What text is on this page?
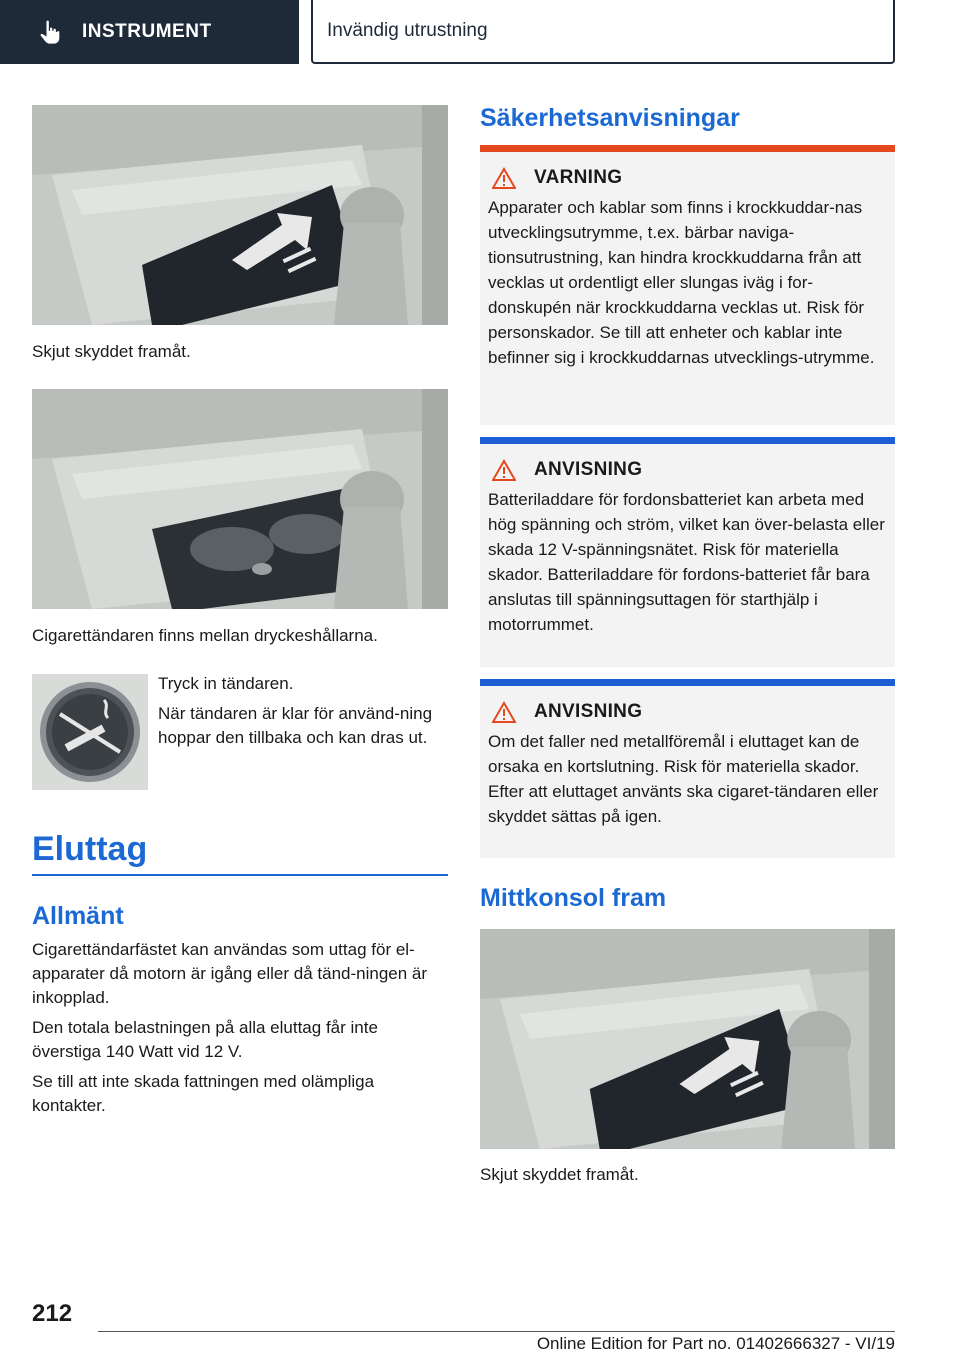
INSTRUMENT	Invändig utrustning
Skjut skyddet framåt.
Cigarettändaren finns mellan dryckeshållarna.

Tryck in tändaren.

När tändaren är klar för använd-ning hoppar den tillbaka och kan dras ut.

Eluttag
Allmänt

Cigarettändarfästet kan användas som uttag för el-apparater då motorn är igång eller då tänd-ningen är inkopplad.

Den totala belastningen på alla eluttag får inte överstiga 140 Watt vid 12 V.

Se till att inte skada fattningen med olämpliga kontakter.

Säkerhetsanvisningar
VARNING
Apparater och kablar som finns i krockkuddar-nas utvecklingsutrymme, t.ex. bärbar naviga-tionsutrustning, kan hindra krockkuddarna från att vecklas ut ordentligt eller slungas iväg i for-donskupén när krockkuddarna vecklas ut. Risk för personskador. Se till att enheter och kablar inte befinner sig i krockkuddarnas utvecklings-utrymme.
ANVISNING
Batteriladdare för fordonsbatteriet kan arbeta med hög spänning och ström, vilket kan över-belasta eller skada 12 V-spänningsnätet. Risk för materiella skador. Batteriladdare för fordons-batteriet får bara anslutas till spänningsuttagen för starthjälp i motorrummet.
ANVISNING
Om det faller ned metallföremål i eluttaget kan de orsaka en kortslutning. Risk för materiella skador. Efter att eluttaget använts ska cigaret-tändaren eller skyddet sättas på igen.
Mittkonsol fram
Skjut skyddet framåt.
212
Online Edition for Part no. 01402666327 - VI/19
